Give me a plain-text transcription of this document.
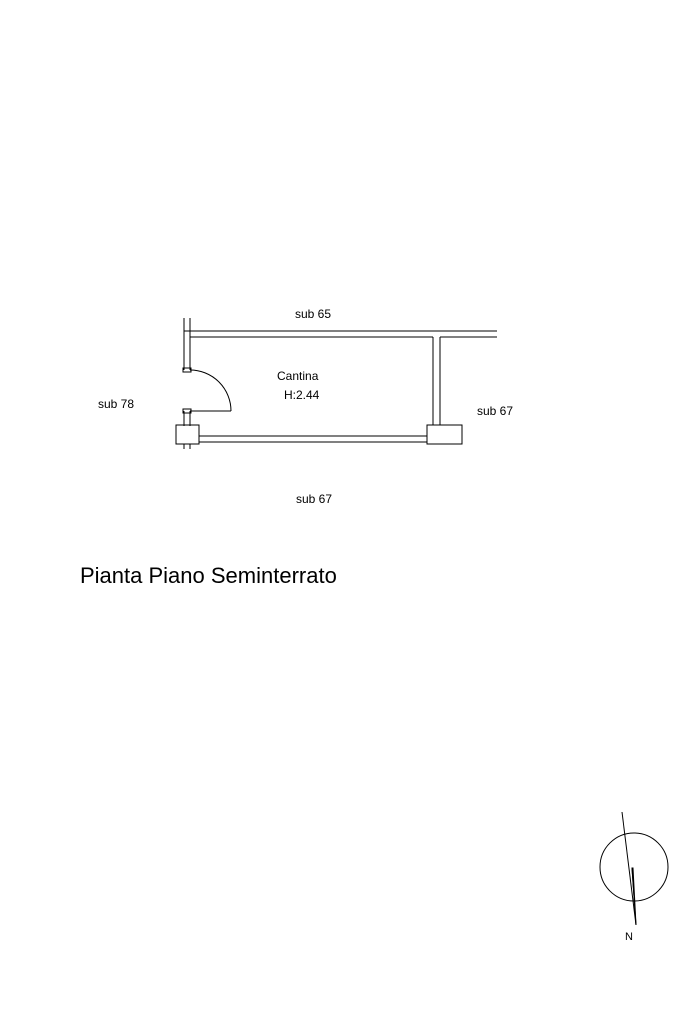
sub 65
sub 78	sub 67
sub 67
Cantina
H:2.44
Pianta Piano Seminterrato
N
